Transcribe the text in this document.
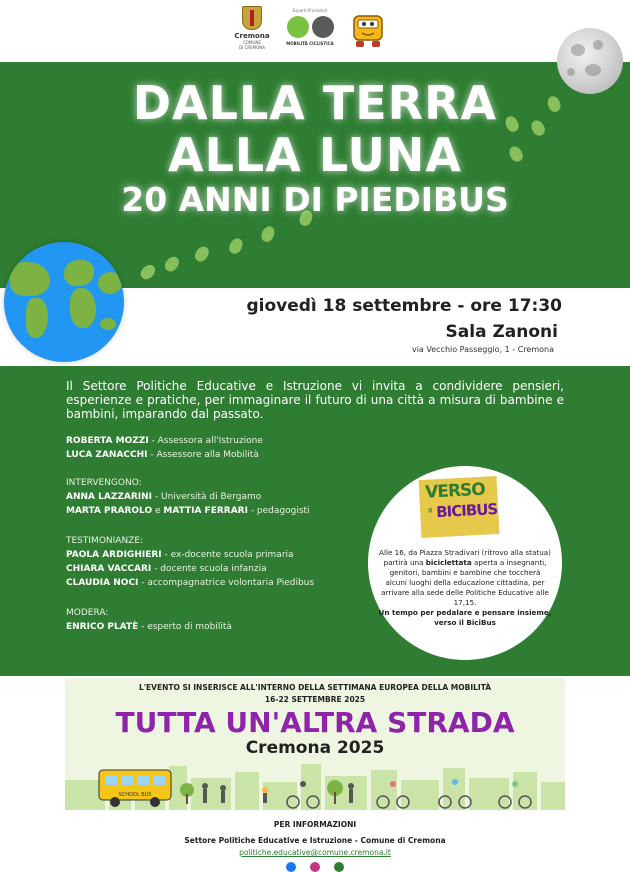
Cremona
COMUNE
DI CREMONA
Esperti Promotori
MOBILITÀ CICLISTICA
DALLA TERRA
ALLA LUNA
20 ANNI DI PIEDIBUS
giovedì 18 settembre - ore 17:30
Sala Zanoni
via Vecchio Passeggio, 1 - Cremona
Il Settore Politiche Educative e Istruzione vi invita a condividere pensieri, esperienze e pratiche, per immaginare il futuro di una città a misura di bambine e bambini, imparando dal passato.
ROBERTA MOZZI - Assessora all'Istruzione
LUCA ZANACCHI - Assessore alla Mobilità
INTERVENGONO:
ANNA LAZZARINI - Università di Bergamo
MARTA PRAROLO e MATTIA FERRARI - pedagogisti
TESTIMONIANZE:
PAOLA ARDIGHIERI - ex-docente scuola primaria
CHIARA VACCARI - docente scuola infanzia
CLAUDIA NOCI - accompagnatrice volontaria Piedibus
MODERA:
ENRICO PLATÈ - esperto di mobilità
VERSO
il BICIBUS
Alle 16, da Piazza Stradivari (ritrovo alla statua) partirà una biciclettata aperta a insegnanti, genitori, bambini e bambine che toccherà alcuni luoghi della educazione cittadina, per arrivare alla sede delle Politiche Educative alle 17,15.
Un tempo per pedalare e pensare insieme, verso il BiciBus
L'EVENTO SI INSERISCE ALL'INTERNO DELLA SETTIMANA EUROPEA DELLA MOBILITÀ
16-22 SETTEMBRE 2025
TUTTA UN'ALTRA STRADA
Cremona 2025
SCHOOL BUS
PER INFORMAZIONI
Settore Politiche Educative e Istruzione - Comune di Cremona
politiche.educative@comune.cremona.it
